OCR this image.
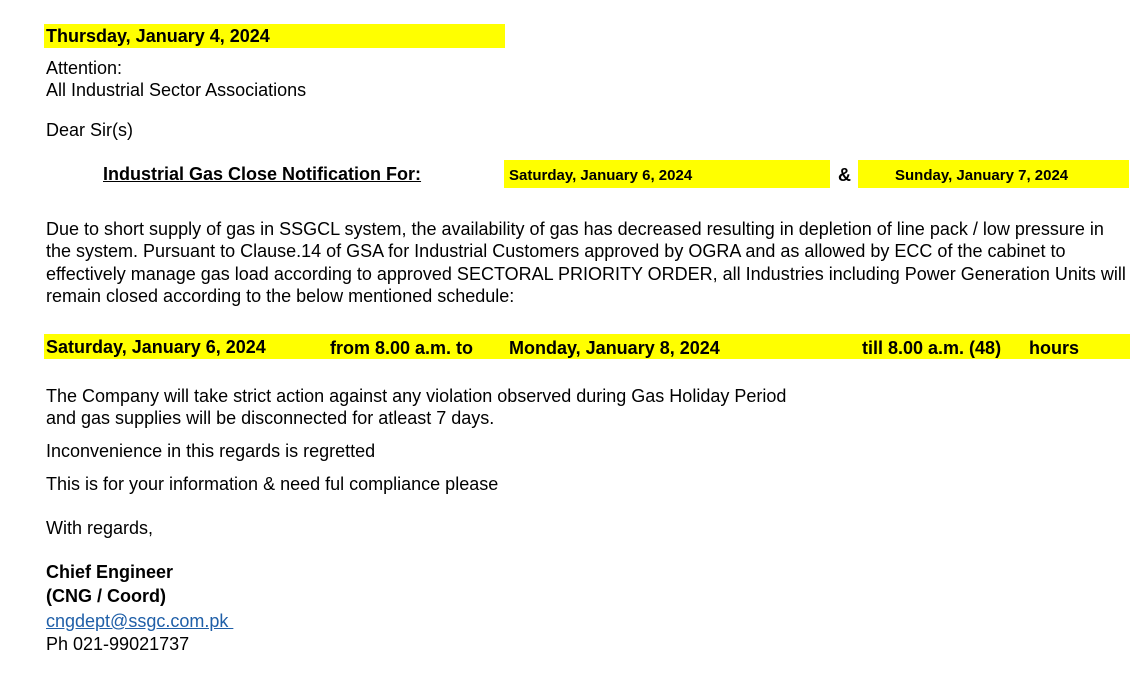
Thursday, January 4, 2024
Attention:
All Industrial Sector Associations
Dear Sir(s)
Industrial Gas Close Notification For:	Saturday, January 6, 2024	&	Sunday, January 7, 2024
Due to short supply of gas in SSGCL system, the availability of gas has decreased resulting in depletion of line pack / low pressure in the system. Pursuant to Clause.14 of GSA for Industrial Customers approved by OGRA and as allowed by ECC of the cabinet to effectively manage gas load according to approved SECTORAL PRIORITY ORDER, all Industries including Power Generation Units will remain closed according to the below mentioned schedule:
Saturday, January 6, 2024	from 8.00 a.m. to Monday, January 8, 2024	till 8.00 a.m. (48) hours
The Company will take strict action against any violation observed during Gas Holiday Period
and gas supplies will be disconnected for atleast 7 days.
Inconvenience in this regards is regretted
This is for your information & need ful compliance please
With regards,
Chief Engineer
(CNG / Coord)
cngdept@ssgc.com.pk
Ph 021-99021737
